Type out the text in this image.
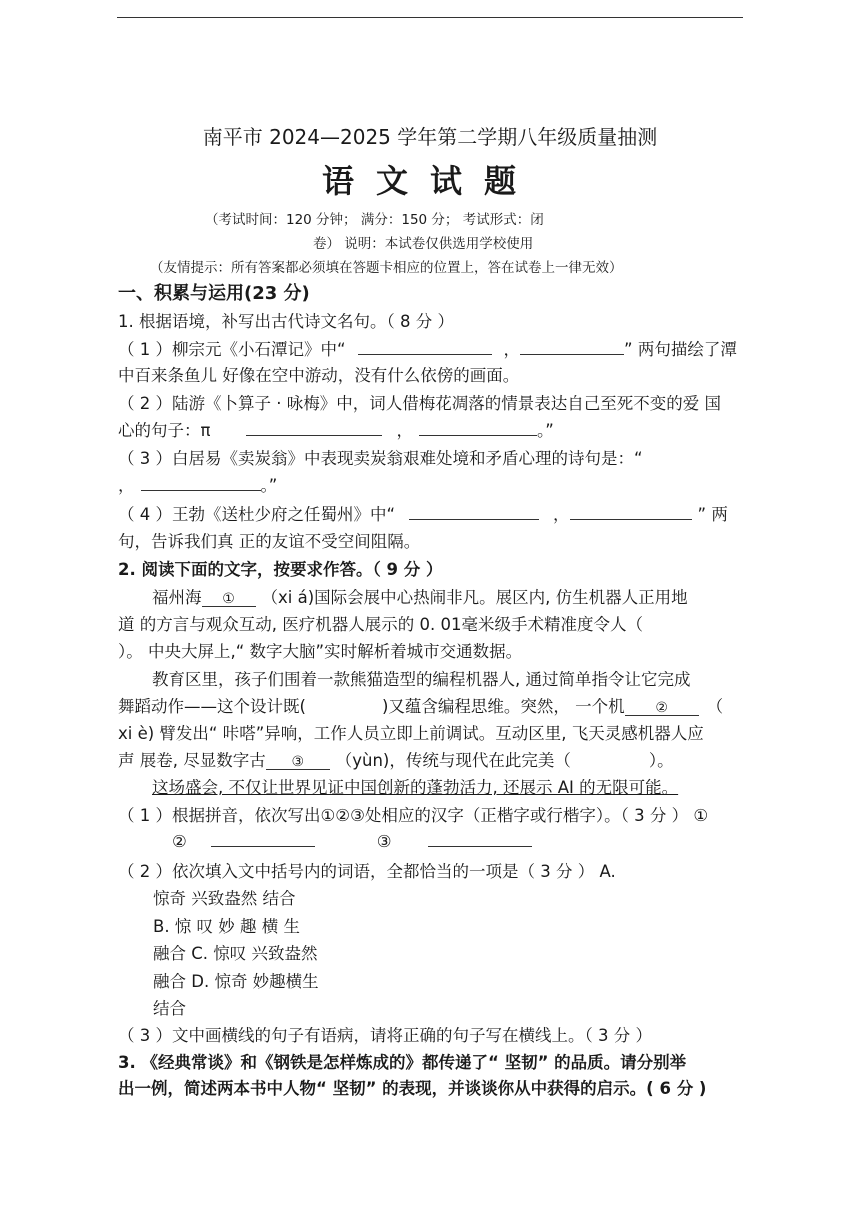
南平市 2024—2025 学年第二学期八年级质量抽测
语文试题
（考试时间：120 分钟； 满分：150 分； 考试形式：闭
卷） 说明：本试卷仅供选用学校使用
（友情提示：所有答案都必须填在答题卡相应的位置上，答在试卷上一律无效）
一、积累与运用(23 分)
1. 根据语境，补写出古代诗文名句。（ 8 分 ）
（ 1 ）柳宗元《小石潭记》中“	，	” 两句描绘了潭
中百来条鱼儿 好像在空中游动，没有什么依傍的画面。
（ 2 ）陆游《卜算子 · 咏梅》中，词人借梅花凋落的情景表达自己至死不变的爱 国
心的句子：π	，	。”
（ 3 ）白居易《卖炭翁》中表现卖炭翁艰难处境和矛盾心理的诗句是：“
，	。”
（ 4 ）王勃《送杜少府之任蜀州》中“	，	” 两
句，告诉我们真 正的友谊不受空间阻隔。
2. 阅读下面的文字，按要求作答。（ 9 分 ）
福州海 ① （xi á)国际会展中心热闹非凡。展区内, 仿生机器人正用地
道 的方言与观众互动, 医疗机器人展示的 0. 01毫米级手术精准度令人（
）。 中央大屏上,“ 数字大脑”实时解析着城市交通数据。
教育区里，孩子们围着一款熊猫造型的编程机器人, 通过简单指令让它完成
舞蹈动作——这个设计既(	)又蕴含编程思维。突然， 一个机 ② （
xi è) 臂发出“ 咔嗒”异响，工作人员立即上前调试。互动区里, 飞天灵感机器人应
声 展卷, 尽显数字古 ③ （yùn)，传统与现代在此完美（	）。
这场盛会, 不仅让世界见证中国创新的蓬勃活力, 还展示 AI 的无限可能。
（ 1 ）根据拼音，依次写出①②③处相应的汉字（正楷字或行楷字）。（ 3 分 ） ①
②	③
（ 2 ）依次填入文中括号内的词语，全都恰当的一项是（ 3 分 ） A.
惊奇 兴致盎然 结合
B. 惊 叹 妙 趣 横 生
融合 C. 惊叹 兴致盎然
融合 D. 惊奇 妙趣横生
结合
（ 3 ）文中画横线的句子有语病，请将正确的句子写在横线上。（ 3 分 ）
3. 《经典常谈》和《钢铁是怎样炼成的》都传递了“ 坚韧” 的品质。请分别举
出一例，简述两本书中人物“ 坚韧” 的表现，并谈谈你从中获得的启示。( 6 分 )
